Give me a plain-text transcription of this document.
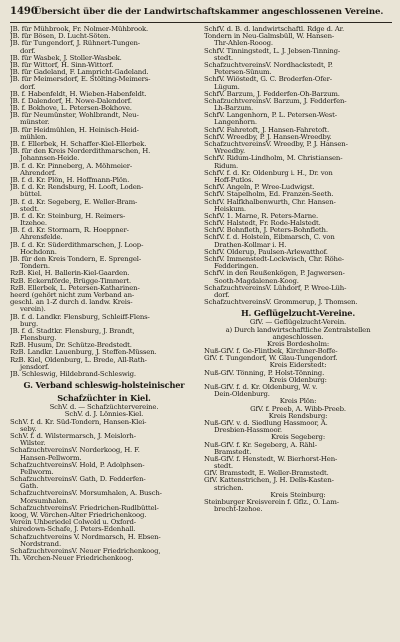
1490
Übersicht über die der Landwirtschaftskammer angeschlossenen Vereine.
JB. für Mühbrook, Fr. Nolmer-Mühbrook.
JB. für Bösen, D. Lucht-Söten.
JB. für Tungendorf, J. Rühnert-Tungen-
dorf.
JB. für Wasbek, J. Stoller-Wasbek.
JB. für Wittorf, H. Sinn-Wittorf.
JB. für Gadeland, F. Lampricht-Gadeland.
JB. für Meimersdorf, E. Stölting-Meimers-
dorf.
JB. f. Habenfeldt, H. Wieben-Habenfeldt.
JB. f. Dalendorf, H. Nowe-Dalendorf.
JB. f. Bokhove, L. Petersen-Bokhove.
JB. für Neumünster, Wohlbrandt, Neu-
münster.
JB. für Heidmühlen, H. Heinisch-Heid-
mühlen.
JB. f. Ellerbek, H. Schaffer-Kiel-Ellerbek.
JB. für den Kreis Norderdithmarschen, H.
Johannsen-Heide.
JB. f. d. Kr. Pinneberg, A. Möhmeier-
Ahrendorf.
JB. f. d. Kr. Plön, H. Hoffmann-Plön.
JB. f. d. Kr. Rendsburg, H. Looft, Loden-
büttel.
JB. f. d. Kr. Segeberg, E. Weller-Bram-
stedt.
JB. f. d. Kr. Steinburg, H. Reimers-
Itzehoe.
JB. f. d. Kr. Stormarn, R. Hoeppner-
Ahrensfelde.
JB. f. d. Kr. Süderdithmarschen, J. Loop-
Hochdonn.
JB. für den Kreis Tondern, E. Sprengel-
Tondern.
RzB. Kiel, H. Ballerin-Kiel-Gaarden.
RzB. Eckernförde, Brügge-Timmert.
RzB. Ellerbek, L. Petersen-Katharinen-
heerd (gehört nicht zum Verband an-
geschl. an 1-Z durch d. landw. Kreis-
verein).
JB. f. d. Landkr. Flensburg, Schleiff-Flens-
burg.
JB. f. d. Stadtkr. Flensburg, J. Brandt,
Flensburg.
RzB. Husum, Dr. Schütze-Bredstedt.
RzB. Landkr. Lauenburg, J. Steffen-Müssen.
RzB. Kiel, Oldenburg, L. Brede, All-Rath-
jensdorf.
JB. Schleswig, Hildebrand-Schleswig.
G. Verband schleswig-holsteinischer
Schafzüchter in Kiel.
SchV. d. — Schafzüchtervereine.
SchV. d. J. Lönnies-Kiel.
SchV. f. d. Kr. Süd-Tondern, Hansen-Klei-
seby.
SchV. f. d. Wilstermarsch, J. Meislorh-
Wilster.
SchafzuchtvereinsV. Norderkoog, H. F.
Hansen-Pellworm.
SchafzuchtvereinsV. Hold, P. Adolphsen-
Pellworm.
SchafzuchtvereinsV. Gath, D. Fedderfen-
Gath.
SchafzuchtvereinsV. Morsumhalen, A. Busch-
Morsumhalen.
SchafzuchtvereinsV. Friedrichen-Rudlbüttel-
koog, W. Vörchen-Alter Friedrichenkoog.
Verein Uhberiedel Colwold u. Oxford-
shiredown-Schafe, J. Peters-Edenhall.
Schafzuchtvereins V. Nordmarsch, H. Ebsen-
Nordstrand.
SchafzuchtvereinsV. Neuer Friedrichenkoog,
Th. Vörchen-Neuer Friedrichenkoog.
SchfV. d. B. d. landwirtschaftl. Rdge d. Ar.
Tondern in Neu-Galmsbüll, W. Hansen-
Thr-Ahlen-Rooog.
SchfV. Tinningstedt, L. J. Jebsen-Tinning-
stedt.
SchafzuchtvereinsV. Nordhackstedt, P.
Petersen-Sünum.
SchfV. Wiöstedt, G. C. Broderfen-Ofer-
Lügum.
SchfV. Barzum, J. Fedderfen-Oh-Barzum.
SchafzuchtvereinsV. Barzum, J. Fedderfen-
Lh-Barzum.
SchfV. Langenhorn, P. L. Petersen-West-
Langenhorn.
SchfV. Fahretoft, J. Hansen-Fahretoft.
SchfV. Wreedby, P. J. Hansen-Wreedby.
SchafzuchtvereinsV. Wreedby, P. J. Hansen-
Wreedby.
SchfV. Ridum-Lindholm, M. Christiansen-
Ridum.
SchfV. f. d. Kr. Oldenburg i. H., Dr. von
Hoff-Putlos.
SchfV. Angeln, P. Wree-Ludwigst.
SchfV. Stapelholm, Ed. Franzen-Seeth.
SchfV. Halfkhalbenwurth, Chr. Hansen-
Heiskum.
SchfV. 1. Marne, R. Peters-Marne.
SchfV. Halstedt, Fr. Rode-Halstedt.
SchfV. Bohnfleth, J. Peters-Bohnfleth.
SchfV. f. d. Holstein, Eibmarsch, C. von
Drathen-Kollmar i. H.
SchfV. Olderup, Paulsen-Arlewatthof.
SchfV. Immenstedt-Lockwisch, Chr. Röhe-
Fedderingen.
SchfV. in den Reußenkögen, P. Jagwersen-
Sooth-Magdalenen-Koog.
SchafzuchtvereinsV. Lühdorf, P. Wree-Lüh-
dorf.
SchafzuchtvereinsV. Grommerup, J. Thomsen.
H. Geflügelzucht-Vereine.
GfV. — Geflügelzucht-Verein.
a) Durch landwirtschaftliche Zentralstellen
angeschlossen.
Kreis Bordesholm:
Nuß-GfV. f. Ge-Flintbek, Kirchner-Boffe-
GfV. f. Tungendorf, W. Glau-Tungendorf.
Kreis Eiderstedt:
Nuß-GfV. Tönning, P. Holst-Tönning.
Kreis Oldenburg:
Nuß-GfV. f. d. Kr. Oldenburg, W. v.
Dein-Oldenburg.
Kreis Plön:
GfV. f. Preeb, A. Wibb-Preeb.
Kreis Rendsburg:
Nuß-GfV. v. d. Siedlung Hassmoor, A.
Dresbien-Hassmoor.
Kreis Segeberg:
Nuß-GfV. f. Kr. Segeberg, A. Rähl-
Bramstedt.
Nuß-GfV. f. Henstedt, W. Bierhorst-Hen-
stedt.
GfV. Bramstedt, E. Weller-Bramstedt.
GfV. Kattenstrichen, J. H. Dells-Kasten-
strichen.
Kreis Steinburg:
Steinburger Kreisverein f. Gflz., O. Lam-
brecht-Izehoe.
